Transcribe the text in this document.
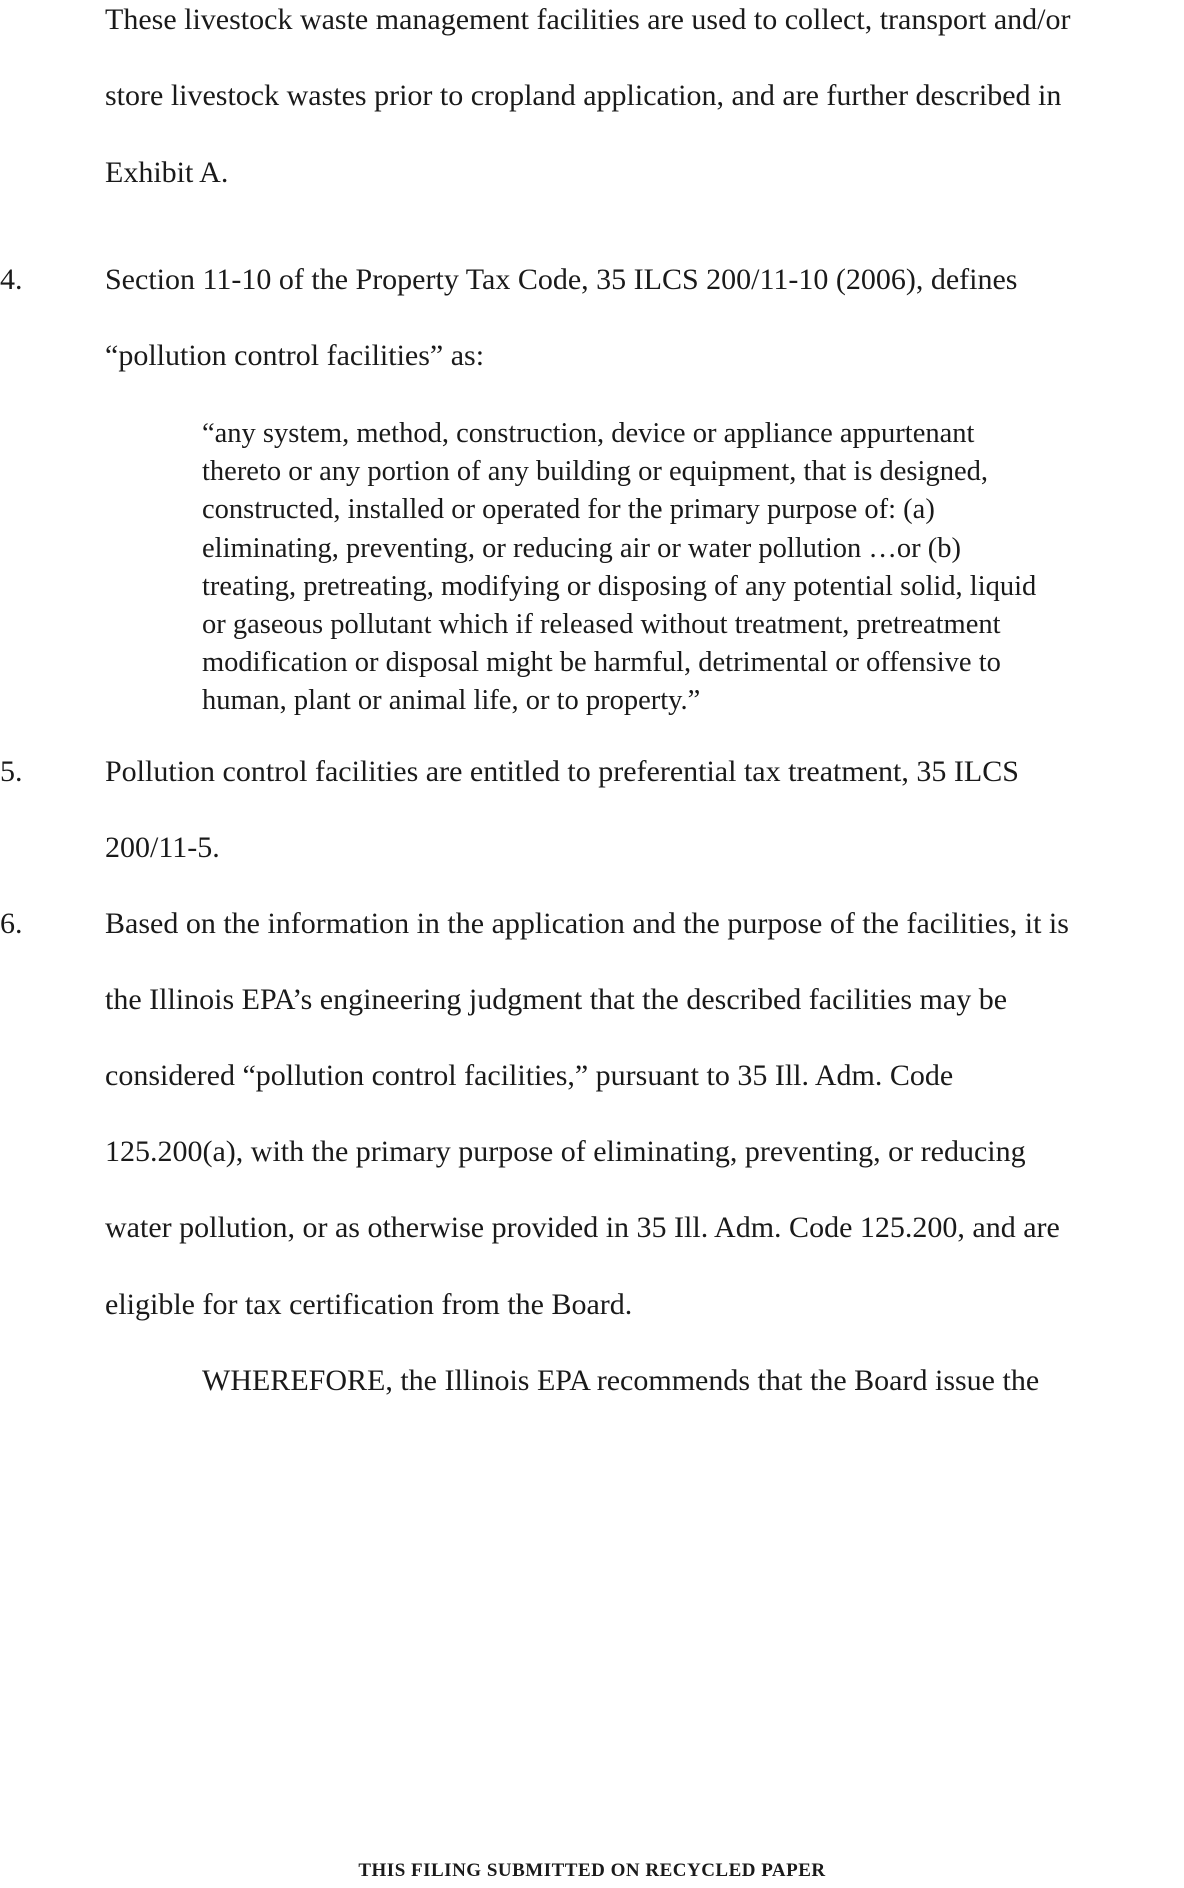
These livestock waste management facilities are used to collect, transport and/or
store livestock wastes prior to cropland application, and are further described in
Exhibit A.
4.	Section 11-10 of the Property Tax Code, 35 ILCS 200/11-10 (2006), defines
“pollution control facilities” as:
“any system, method, construction, device or appliance appurtenant
thereto or any portion of any building or equipment, that is designed,
constructed, installed or operated for the primary purpose of: (a)
eliminating, preventing, or reducing air or water pollution …or (b)
treating, pretreating, modifying or disposing of any potential solid, liquid
or gaseous pollutant which if released without treatment, pretreatment
modification or disposal might be harmful, detrimental or offensive to
human, plant or animal life, or to property.”
5.	Pollution control facilities are entitled to preferential tax treatment, 35 ILCS
200/11-5.
6.	Based on the information in the application and the purpose of the facilities, it is
the Illinois EPA’s engineering judgment that the described facilities may be
considered “pollution control facilities,” pursuant to 35 Ill. Adm. Code
125.200(a), with the primary purpose of eliminating, preventing, or reducing
water pollution, or as otherwise provided in 35 Ill. Adm. Code 125.200, and are
eligible for tax certification from the Board.
WHEREFORE, the Illinois EPA recommends that the Board issue the
THIS FILING SUBMITTED ON RECYCLED PAPER
